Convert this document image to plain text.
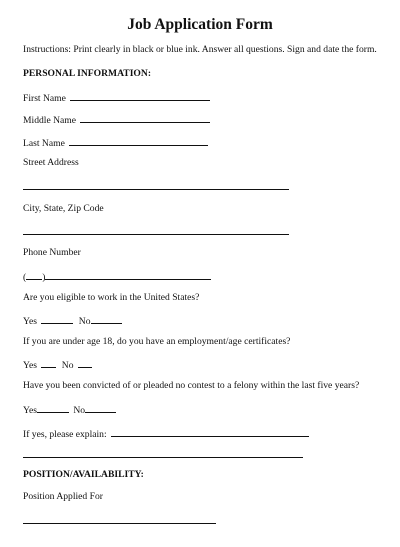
Job Application Form
Instructions: Print clearly in black or blue ink. Answer all questions. Sign and date the form.
PERSONAL INFORMATION:
First Name
Middle Name
Last Name
Street Address
City, State, Zip Code
Phone Number
( )
Are you eligible to work in the United States?
Yes	No
If you are under age 18, do you have an employment/age certificates?
Yes	No
Have you been convicted of or pleaded no contest to a felony within the last five years?
Yes	No
If yes, please explain:
POSITION/AVAILABILITY:
Position Applied For
